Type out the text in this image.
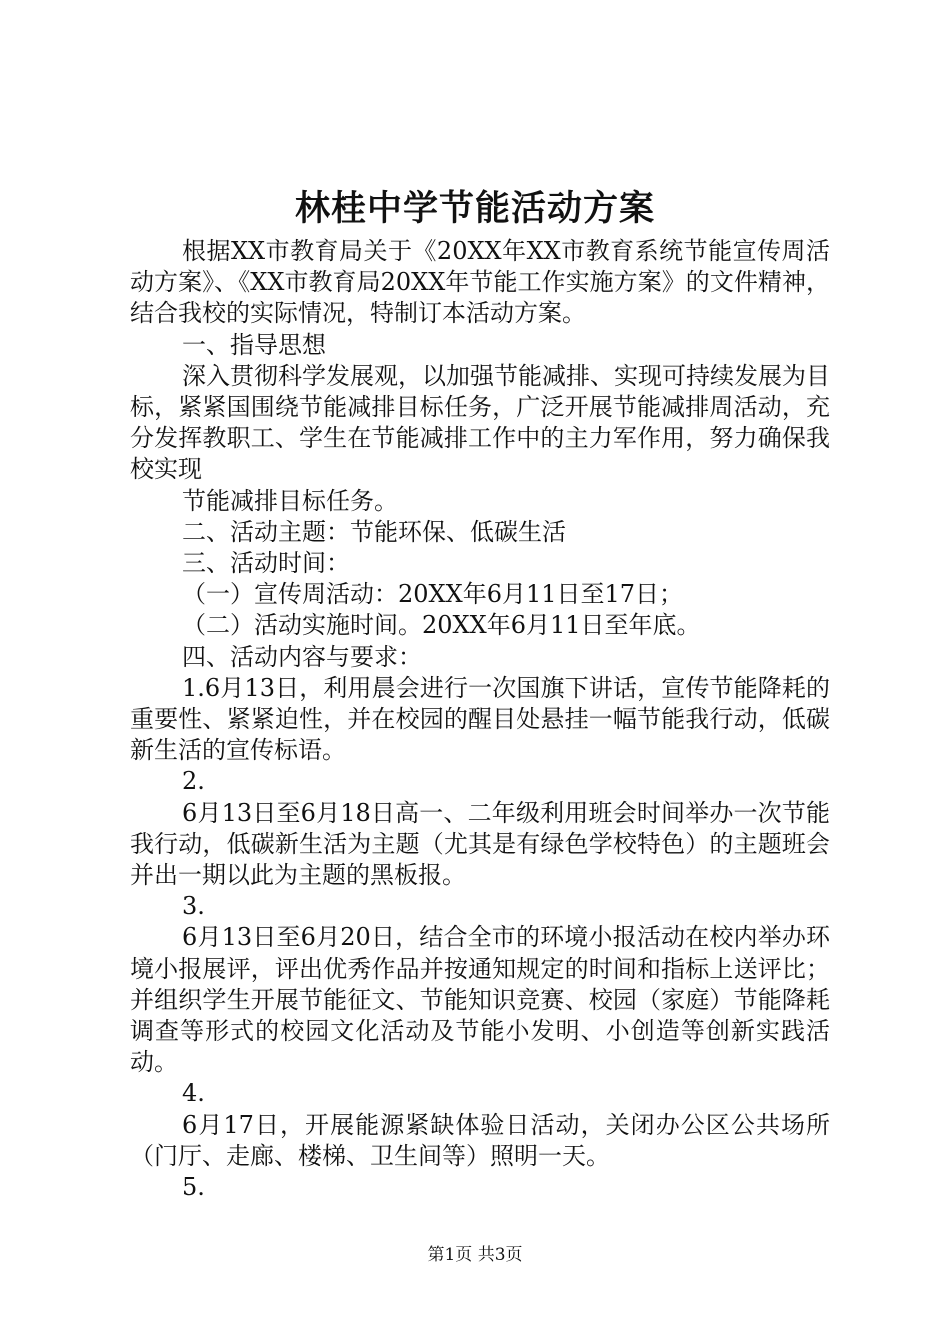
林桂中学节能活动方案

根据XX市教育局关于《20XX年XX市教育系统节能宣传周活动方案》、《XX市教育局20XX年节能工作实施方案》的文件精神，结合我校的实际情况，特制订本活动方案。

一、指导思想

深入贯彻科学发展观，以加强节能减排、实现可持续发展为目标，紧紧国围绕节能减排目标任务，广泛开展节能减排周活动，充分发挥教职工、学生在节能减排工作中的主力军作用，努力确保我校实现

节能减排目标任务。

二、活动主题：节能环保、低碳生活

三、活动时间：

（一）宣传周活动：20XX年6月11日至17日；

（二）活动实施时间。20XX年6月11日至年底。

四、活动内容与要求：

1.6月13日，利用晨会进行一次国旗下讲话，宣传节能降耗的重要性、紧紧迫性，并在校园的醒目处悬挂一幅节能我行动，低碳新生活的宣传标语。

2.

6月13日至6月18日高一、二年级利用班会时间举办一次节能我行动，低碳新生活为主题（尤其是有绿色学校特色）的主题班会并出一期以此为主题的黑板报。

3.

6月13日至6月20日，结合全市的环境小报活动在校内举办环境小报展评，评出优秀作品并按通知规定的时间和指标上送评比；并组织学生开展节能征文、节能知识竞赛、校园（家庭）节能降耗调查等形式的校园文化活动及节能小发明、小创造等创新实践活动。

4.

6月17日，开展能源紧缺体验日活动，关闭办公区公共场所（门厅、走廊、楼梯、卫生间等）照明一天。

5.

第1页 共3页
